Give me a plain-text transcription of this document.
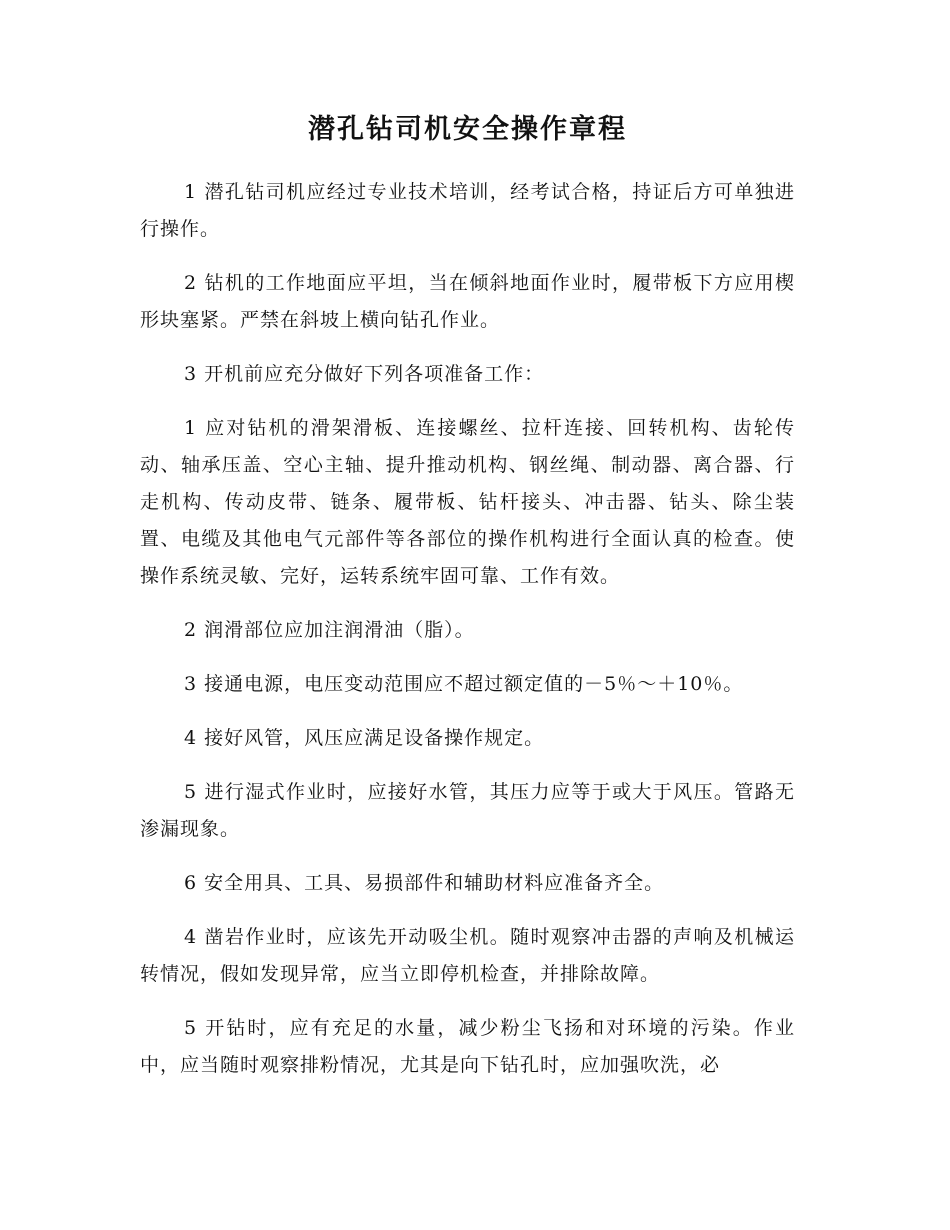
潜孔钻司机安全操作章程

1 潜孔钻司机应经过专业技术培训，经考试合格，持证后方可单独进行操作。

2 钻机的工作地面应平坦，当在倾斜地面作业时，履带板下方应用楔形块塞紧。严禁在斜坡上横向钻孔作业。

3 开机前应充分做好下列各项准备工作：

1 应对钻机的滑架滑板、连接螺丝、拉杆连接、回转机构、齿轮传动、轴承压盖、空心主轴、提升推动机构、钢丝绳、制动器、离合器、行走机构、传动皮带、链条、履带板、钻杆接头、冲击器、钻头、除尘装置、电缆及其他电气元部件等各部位的操作机构进行全面认真的检查。使操作系统灵敏、完好，运转系统牢固可靠、工作有效。

2 润滑部位应加注润滑油（脂）。

3 接通电源，电压变动范围应不超过额定值的－5％～＋10％。

4 接好风管，风压应满足设备操作规定。

5 进行湿式作业时，应接好水管，其压力应等于或大于风压。管路无渗漏现象。

6 安全用具、工具、易损部件和辅助材料应准备齐全。

4 凿岩作业时，应该先开动吸尘机。随时观察冲击器的声响及机械运转情况，假如发现异常，应当立即停机检查，并排除故障。

5 开钻时，应有充足的水量，减少粉尘飞扬和对环境的污染。作业中，应当随时观察排粉情况，尤其是向下钻孔时，应加强吹洗，必
